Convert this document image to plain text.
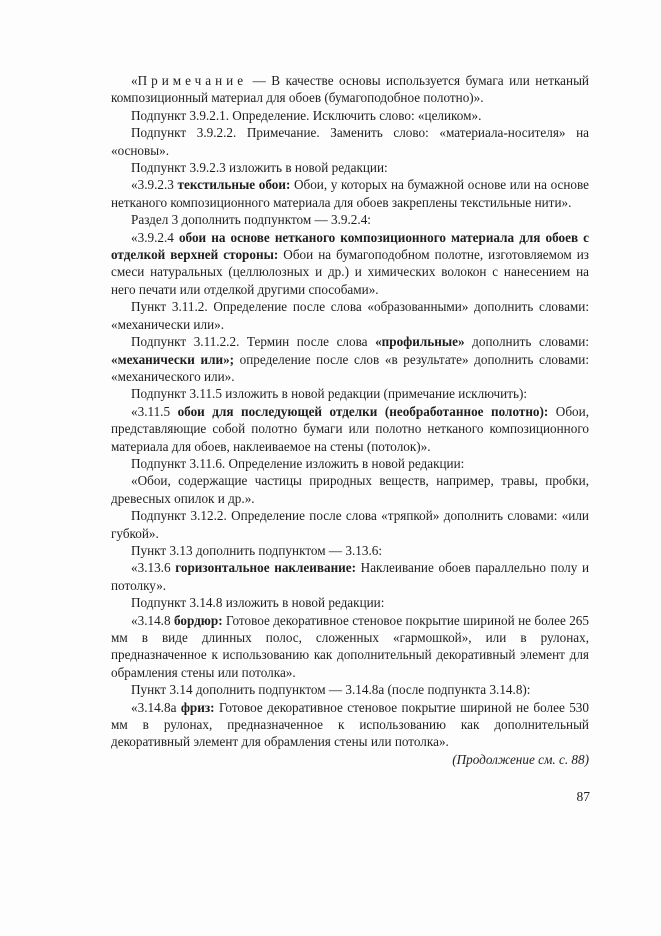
«Примечание — В качестве основы используется бумага или нетканый композиционный материал для обоев (бумагоподобное полотно)».

Подпункт 3.9.2.1. Определение. Исключить слово: «целиком».

Подпункт 3.9.2.2. Примечание. Заменить слово: «материала-носителя» на «основы».

Подпункт 3.9.2.3 изложить в новой редакции:

«3.9.2.3 текстильные обои: Обои, у которых на бумажной основе или на основе нетканого композиционного материала для обоев закреплены текстильные нити».

Раздел 3 дополнить подпунктом — 3.9.2.4:

«3.9.2.4 обои на основе нетканого композиционного материала для обоев с отделкой верхней стороны: Обои на бумагоподобном полотне, изготовляемом из смеси натуральных (целлюлозных и др.) и химических волокон с нанесением на него печати или отделкой другими способами».

Пункт 3.11.2. Определение после слова «образованными» дополнить словами: «механически или».

Подпункт 3.11.2.2. Термин после слова «профильные» дополнить словами: «механически или»; определение после слов «в результате» дополнить словами: «механического или».

Подпункт 3.11.5 изложить в новой редакции (примечание исключить):

«3.11.5 обои для последующей отделки (необработанное полотно): Обои, представляющие собой полотно бумаги или полотно нетканого композиционного материала для обоев, наклеиваемое на стены (потолок)».

Подпункт 3.11.6. Определение изложить в новой редакции:

«Обои, содержащие частицы природных веществ, например, травы, пробки, древесных опилок и др.».

Подпункт 3.12.2. Определение после слова «тряпкой» дополнить словами: «или губкой».

Пункт 3.13 дополнить подпунктом — 3.13.6:

«3.13.6 горизонтальное наклеивание: Наклеивание обоев параллельно полу и потолку».

Подпункт 3.14.8 изложить в новой редакции:

«3.14.8 бордюр: Готовое декоративное стеновое покрытие шириной не более 265 мм в виде длинных полос, сложенных «гармошкой», или в рулонах, предназначенное к использованию как дополнительный декоративный элемент для обрамления стены или потолка».

Пункт 3.14 дополнить подпунктом — 3.14.8а (после подпункта 3.14.8):

«3.14.8а фриз: Готовое декоративное стеновое покрытие шириной не более 530 мм в рулонах, предназначенное к использованию как дополнительный декоративный элемент для обрамления стены или потолка».

(Продолжение см. с. 88)

87
